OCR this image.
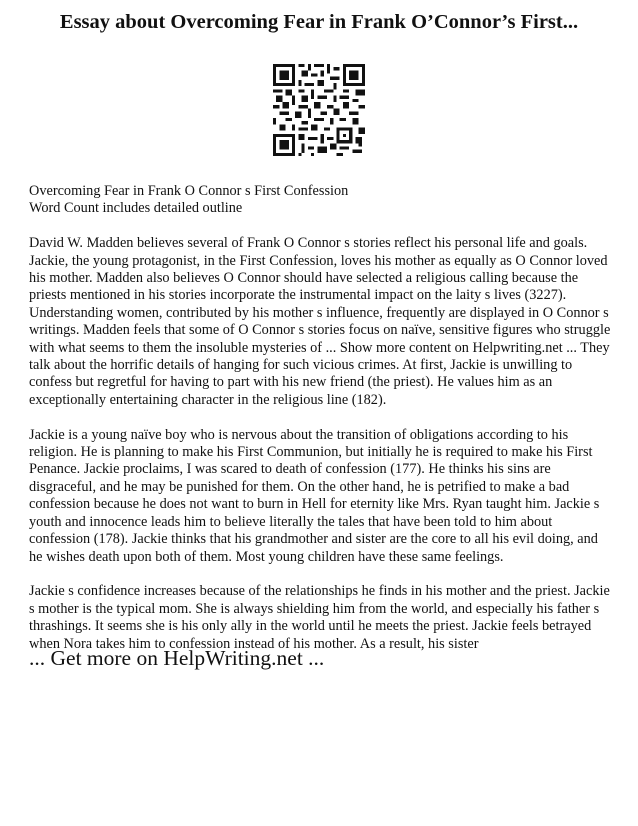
Essay about Overcoming Fear in Frank O’Connor’s First...

Overcoming Fear in Frank O Connor s First Confession
Word Count includes detailed outline

David W. Madden believes several of Frank O Connor s stories reflect his personal life and goals. Jackie, the young protagonist, in the First Confession, loves his mother as equally as O Connor loved his mother. Madden also believes O Connor should have selected a religious calling because the priests mentioned in his stories incorporate the instrumental impact on the laity s lives (3227). Understanding women, contributed by his mother s influence, frequently are displayed in O Connor s writings. Madden feels that some of O Connor s stories focus on naïve, sensitive figures who struggle with what seems to them the insoluble mysteries of ... Show more content on Helpwriting.net ... They talk about the horrific details of hanging for such vicious crimes. At first, Jackie is unwilling to confess but regretful for having to part with his new friend (the priest). He values him as an exceptionally entertaining character in the religious line (182).

Jackie is a young naïve boy who is nervous about the transition of obligations according to his religion. He is planning to make his First Communion, but initially he is required to make his First Penance. Jackie proclaims, I was scared to death of confession (177). He thinks his sins are disgraceful, and he may be punished for them. On the other hand, he is petrified to make a bad confession because he does not want to burn in Hell for eternity like Mrs. Ryan taught him. Jackie s youth and innocence leads him to believe literally the tales that have been told to him about confession (178). Jackie thinks that his grandmother and sister are the core to all his evil doing, and he wishes death upon both of them. Most young children have these same feelings.

Jackie s confidence increases because of the relationships he finds in his mother and the priest. Jackie s mother is the typical mom. She is always shielding him from the world, and especially his father s thrashings. It seems she is his only ally in the world until he meets the priest. Jackie feels betrayed when Nora takes him to confession instead of his mother. As a result, his sister

... Get more on HelpWriting.net ...
